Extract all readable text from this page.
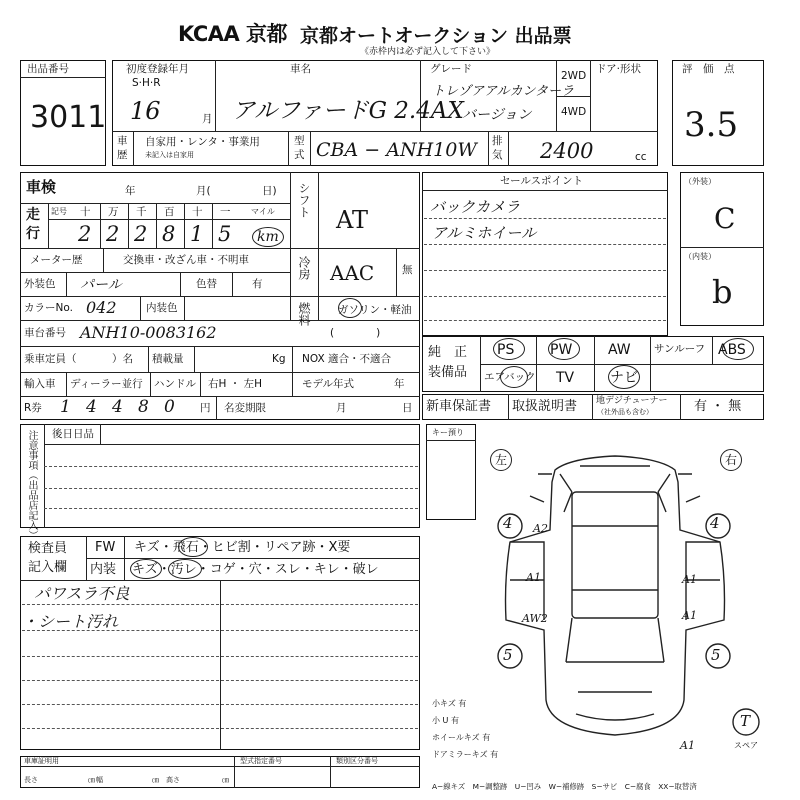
KCAA 京都 京都オートオークション 出品票
《赤枠内は必ず記入して下さい》
出品番号
3011
初度登録年月
S·H·R
16	月
車名
アルファードG 2.4AX
グレード
トレゾアアルカンターラ
バージョン
2WD
4WD
ドア·形状
車
歴
自家用・レンタ・事業用
未記入は自家用
型
式 CBA − ANH10W 排
気 2400	cc
評　価　点
3.5
車検	年	月(	日)
走
行
記号 十 万 千 百 十 一	マイル
2 2 2 8 1 5 km
メーター歴	交換車・改ざん車・不明車
外装色 パール	色替	有
カラーNo. 042	内装色
車台番号 ANH10-0083162
乗車定員（	）名 積載量	Kg NOX 適合・不適合
輸入車 ディーラー並行 ハンドル 右H ・ 左H	モデル年式	年
R券 1 4 4 8 0 円 名変期限	月	日
シフト
AT
冷房 AAC	無
燃料	ガソリン・軽油
(　　　　)
セールスポイント
バックカメラ
アルミホイール
（外装）
C
（内装）
b
純　正
装備品
PS	PW	AW サンルーフ ABS
エアバック TV	ナビ
新車保証書 取扱説明書 地デジチューナー
（社外品も含む）	有 ・ 無
注意事項（出品店記入） 後日日品	キー預り
検査員
記入欄
FW キズ・飛石・ヒビ割・リペア跡・X要
内装 キズ・汚レ・コゲ・穴・スレ・キレ・破レ
パワスラ不良
・シート汚れ
左	右
4	4
5	5
A2
A1	A1
AW2	A1
T
スペア
A1
小キズ 有
小 U 有
ホイールキズ 有
ドアミラーキズ 有
車庫証明用	型式指定番号	類別区分番号
長さ	㎝ 幅	㎝ 高さ	㎝
A−線キズ　M−調整跡　U−凹み　W−補修跡　S−サビ　C−腐食　XX−取替済
